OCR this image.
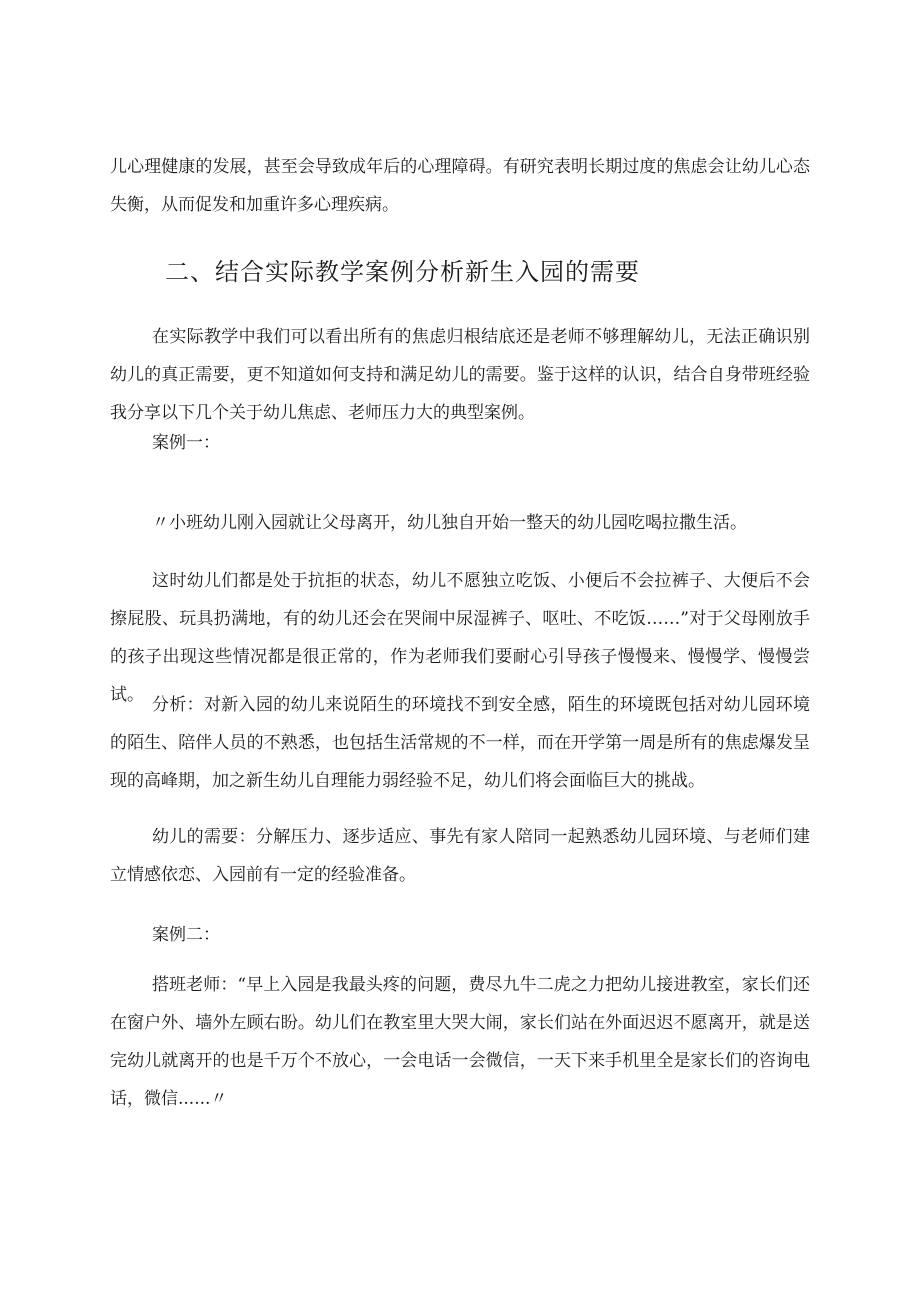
儿心理健康的发展，甚至会导致成年后的心理障碍。有研究表明长期过度的焦虑会让幼儿心态失衡，从而促发和加重许多心理疾病。

二、结合实际教学案例分析新生入园的需要

在实际教学中我们可以看出所有的焦虑归根结底还是老师不够理解幼儿，无法正确识别幼儿的真正需要，更不知道如何支持和满足幼儿的需要。鉴于这样的认识，结合自身带班经验我分享以下几个关于幼儿焦虑、老师压力大的典型案例。

案例一：

〃小班幼儿刚入园就让父母离开，幼儿独自开始一整天的幼儿园吃喝拉撒生活。

这时幼儿们都是处于抗拒的状态，幼儿不愿独立吃饭、小便后不会拉裤子、大便后不会擦屁股、玩具扔满地，有的幼儿还会在哭闹中尿湿裤子、呕吐、不吃饭……”对于父母刚放手的孩子出现这些情况都是很正常的，作为老师我们要耐心引导孩子慢慢来、慢慢学、慢慢尝试。 分析：对新入园的幼儿来说陌生的环境找不到安全感，陌生的环境既包括对幼儿园环境的陌生、陪伴人员的不熟悉，也包括生活常规的不一样，而在开学第一周是所有的焦虑爆发呈现的高峰期，加之新生幼儿自理能力弱经验不足，幼儿们将会面临巨大的挑战。

幼儿的需要：分解压力、逐步适应、事先有家人陪同一起熟悉幼儿园环境、与老师们建立情感依恋、入园前有一定的经验准备。

案例二：

搭班老师：“早上入园是我最头疼的问题，费尽九牛二虎之力把幼儿接进教室，家长们还在窗户外、墙外左顾右盼。幼儿们在教室里大哭大闹，家长们站在外面迟迟不愿离开，就是送完幼儿就离开的也是千万个不放心，一会电话一会微信，一天下来手机里全是家长们的咨询电话，微信......〃
